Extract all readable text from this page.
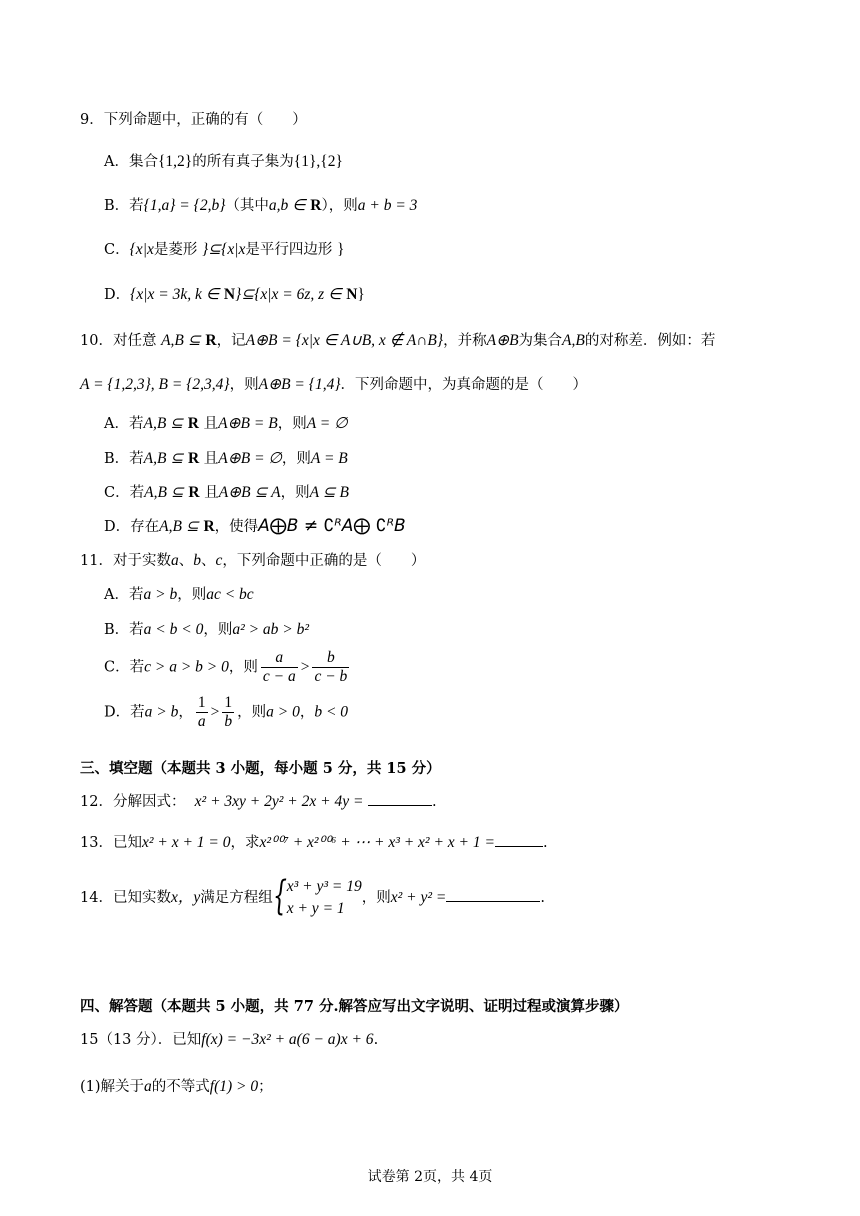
9．下列命题中，正确的有（　　）
A．集合{1,2}的所有真子集为{1},{2}
B．若{1,a} = {2,b}（其中a,b ∈ R），则a + b = 3
C．{x|x是菱形 }⊆{x|x是平行四边形 }
D．{x|x = 3k, k ∈ N}⊆{x|x = 6z, z ∈ N}
10．对任意 A,B ⊆ R，记A⊕B = {x|x ∈ A∪B, x ∉ A∩B}，并称A⊕B为集合A,B的对称差．例如：若
A = {1,2,3}, B = {2,3,4}，则A⊕B = {1,4}．下列命题中，为真命题的是（　　）
A．若A,B ⊆ R 且A⊕B = B，则A = ∅
B．若A,B ⊆ R 且A⊕B = ∅，则A = B
C．若A,B ⊆ R 且A⊕B ⊆ A，则A ⊆ B
D．存在A,B ⊆ R，使得A⨁B ≠ ∁ᴿA⨁ ∁ᴿB
11．对于实数a、b、c，下列命题中正确的是（　　）
A．若a > b，则ac < bc
B．若a < b < 0，则a² > ab > b²
C．若c > a > b > 0，则 $\frac{a}{c - a} > \frac{b}{c - b}$
D．若a > b， $\frac{1}{a} > \frac{1}{b}$ ，则a > 0，b < 0
三、填空题（本题共 3 小题，每小题 5 分，共 15 分）
12．分解因式： x² + 3xy + 2y² + 2x + 4y =	.
13．已知x² + x + 1 = 0，求x²⁰⁰⁷ + x²⁰⁰⁶ + ⋯ + x³ + x² + x + 1 =	.
14．已知实数x，y满足方程组 { x³ + y³ = 19
x + y = 1
，则x² + y² =	.
四、解答题（本题共 5 小题，共 77 分.解答应写出文字说明、证明过程或演算步骤）
15（13 分）．已知f(x) = −3x² + a(6 − a)x + 6.
(1)解关于a的不等式f(1) > 0；
试卷第 2页，共 4页
